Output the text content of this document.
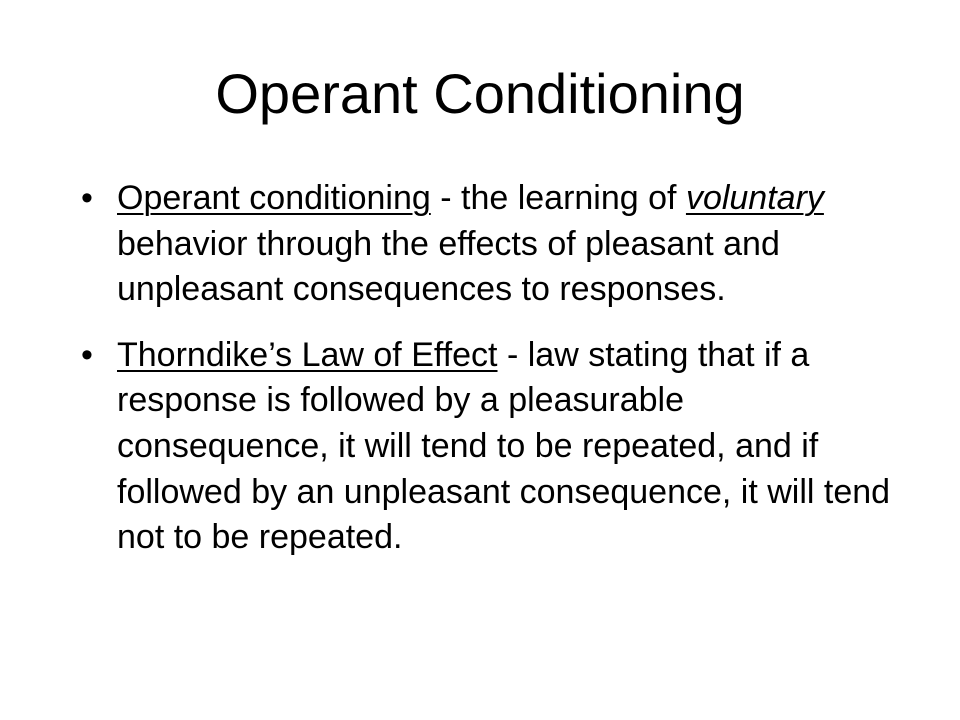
Operant Conditioning
• Operant conditioning - the learning of voluntary behavior through the effects of pleasant and unpleasant consequences to responses.
• Thorndike’s Law of Effect - law stating that if a response is followed by a pleasurable consequence, it will tend to be repeated, and if followed by an unpleasant consequence, it will tend not to be repeated.
